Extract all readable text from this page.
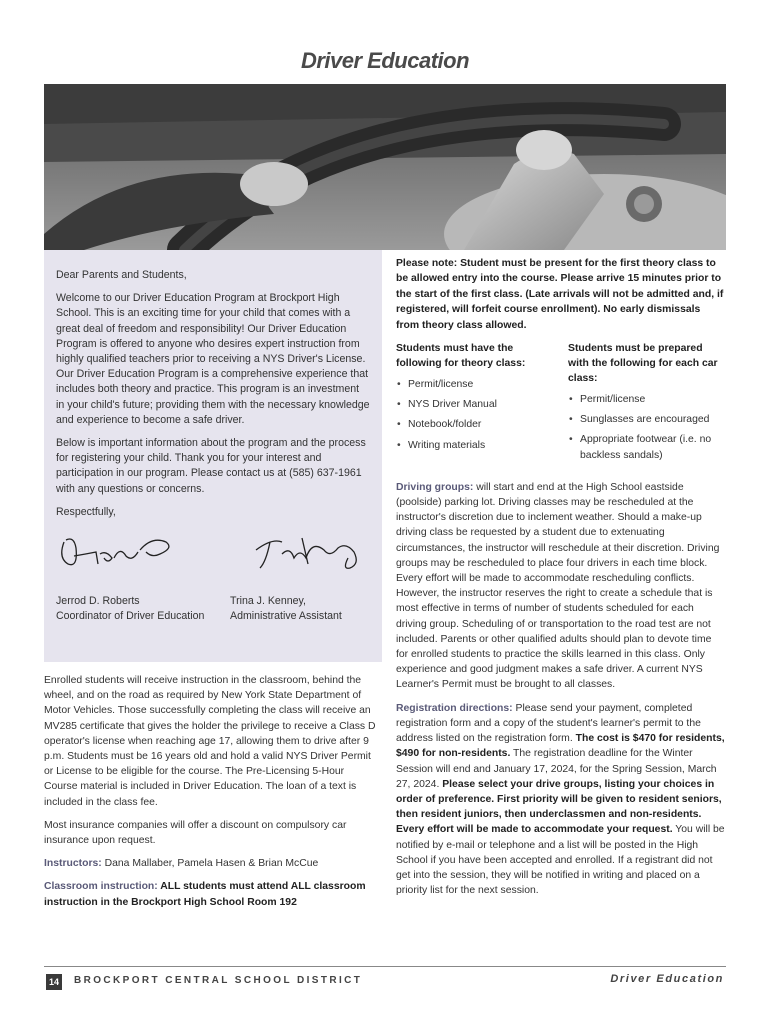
Driver Education

Dear Parents and Students,

Welcome to our Driver Education Program at Brockport High School. This is an exciting time for your child that comes with a great deal of freedom and responsibility! Our Driver Education Program is offered to anyone who desires expert instruction from highly qualified teachers prior to receiving a NYS Driver's License. Our Driver Education Program is a comprehensive experience that includes both theory and practice. This program is an investment in your child's future; providing them with the necessary knowledge and experience to become a safe driver.

Below is important information about the program and the process for registering your child. Thank you for your interest and participation in our program. Please contact us at (585) 637-1961 with any questions or concerns.

Respectfully,

Jerrod D. Roberts
Coordinator of Driver Education
Trina J. Kenney,
Administrative Assistant

Enrolled students will receive instruction in the classroom, behind the wheel, and on the road as required by New York State Department of Motor Vehicles. Those successfully completing the class will receive an MV285 certificate that gives the holder the privilege to receive a Class D operator's license when reaching age 17, allowing them to drive after 9 p.m. Students must be 16 years old and hold a valid NYS Driver Permit or License to be eligible for the course. The Pre-Licensing 5-Hour Course material is included in Driver Education. The loan of a text is included in the class fee.

Most insurance companies will offer a discount on compulsory car insurance upon request.

Instructors: Dana Mallaber, Pamela Hasen & Brian McCue

Classroom instruction: ALL students must attend ALL classroom instruction in the Brockport High School Room 192

Please note: Student must be present for the first theory class to be allowed entry into the course. Please arrive 15 minutes prior to the start of the first class. (Late arrivals will not be admitted and, if registered, will forfeit course enrollment). No early dismissals from theory class allowed.

Students must have the following for theory class:
• Permit/license
• NYS Driver Manual
• Notebook/folder
• Writing materials
Students must be prepared with the following for each car class:
• Permit/license
• Sunglasses are encouraged
• Appropriate footwear (i.e. no backless sandals)

Driving groups: will start and end at the High School eastside (poolside) parking lot. Driving classes may be rescheduled at the instructor's discretion due to inclement weather. Should a make-up driving class be requested by a student due to extenuating circumstances, the instructor will reschedule at their discretion. Driving groups may be rescheduled to place four drivers in each time block. Every effort will be made to accommodate rescheduling conflicts. However, the instructor reserves the right to create a schedule that is most effective in terms of number of students scheduled for each driving group. Scheduling of or transportation to the road test are not included. Parents or other qualified adults should plan to devote time for enrolled students to practice the skills learned in this class. Only experience and good judgment makes a safe driver. A current NYS Learner's Permit must be brought to all classes.

Registration directions: Please send your payment, completed registration form and a copy of the student's learner's permit to the address listed on the registration form. The cost is $470 for residents, $490 for non-residents. The registration deadline for the Winter Session will end and January 17, 2024, for the Spring Session, March 27, 2024. Please select your drive groups, listing your choices in order of preference. First priority will be given to resident seniors, then resident juniors, then underclassmen and non-residents. Every effort will be made to accommodate your request. You will be notified by e-mail or telephone and a list will be posted in the High School if you have been accepted and enrolled. If a registrant did not get into the session, they will be notified in writing and placed on a priority list for the next session.

14	BROCKPORT CENTRAL SCHOOL DISTRICT	Driver Education
